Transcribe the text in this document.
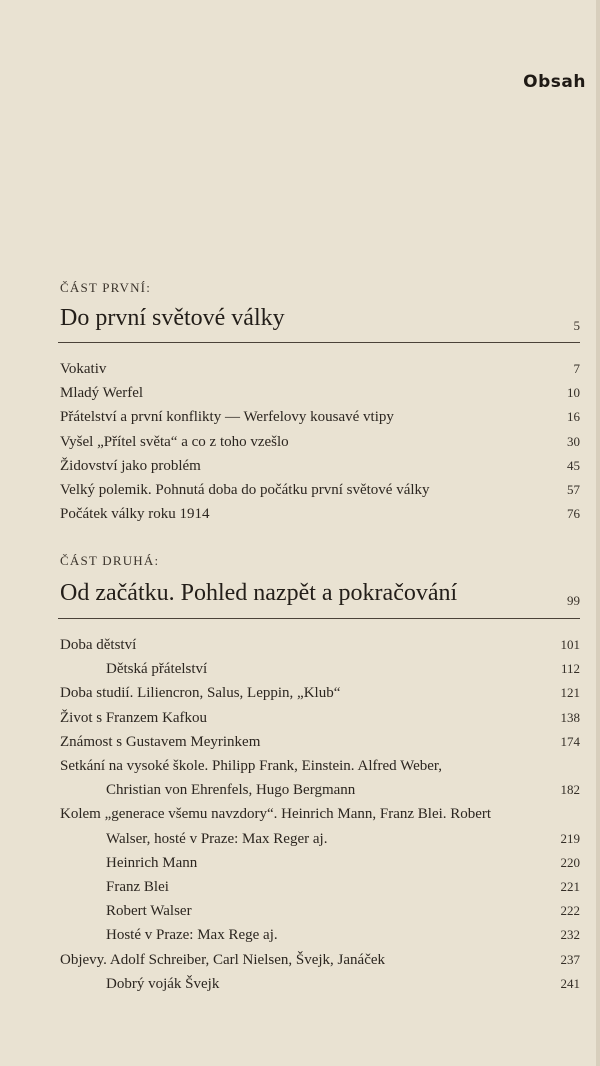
Obsah
ČÁST PRVNÍ:
Do první světové války	5
Vokativ	7
Mladý Werfel	10
Přátelství a první konflikty — Werfelovy kousavé vtipy	16
Vyšel „Přítel světa“ a co z toho vzešlo	30
Židovství jako problém	45
Velký polemik. Pohnutá doba do počátku první světové války	57
Počátek války roku 1914	76
ČÁST DRUHÁ:
Od začátku. Pohled nazpět a pokračování	99
Doba dětství	101
Dětská přátelství	112
Doba studií. Liliencron, Salus, Leppin, „Klub“	121
Život s Franzem Kafkou	138
Známost s Gustavem Meyrinkem	174
Setkání na vysoké škole. Philipp Frank, Einstein. Alfred Weber,
Christian von Ehrenfels, Hugo Bergmann	182
Kolem „generace všemu navzdory“. Heinrich Mann, Franz Blei. Robert
Walser, hosté v Praze: Max Reger aj.	219
Heinrich Mann	220
Franz Blei	221
Robert Walser	222
Hosté v Praze: Max Rege aj.	232
Objevy. Adolf Schreiber, Carl Nielsen, Švejk, Janáček	237
Dobrý voják Švejk	241
